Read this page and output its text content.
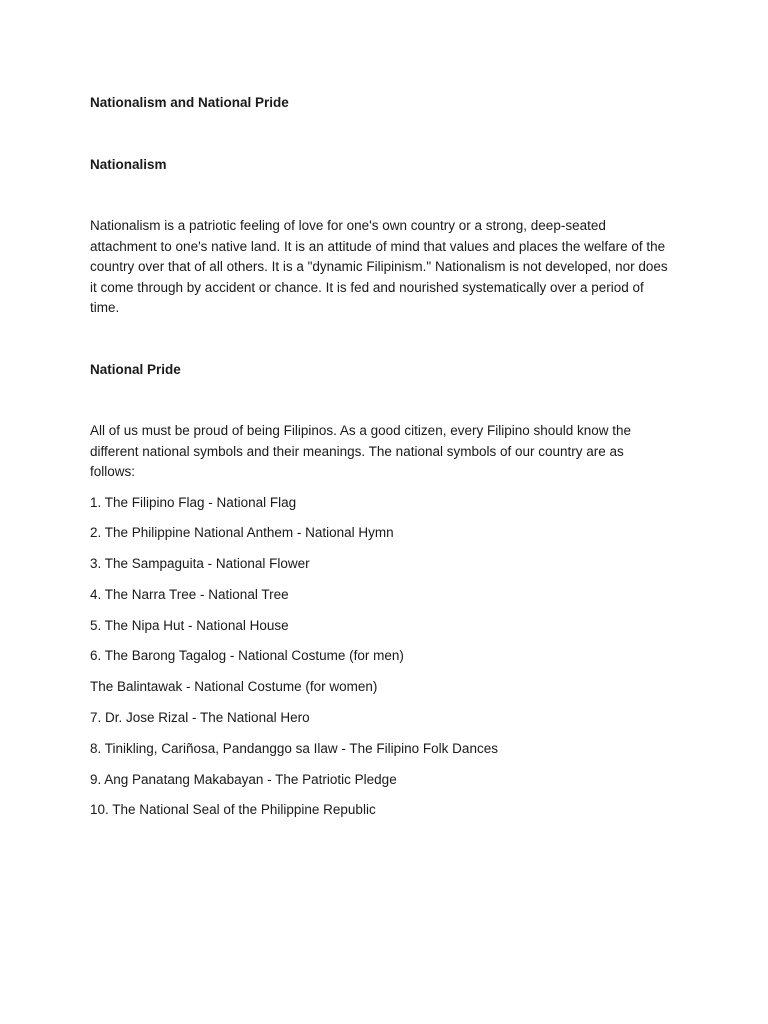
Nationalism and National Pride

Nationalism

Nationalism is a patriotic feeling of love for one's own country or a strong, deep-seated attachment to one's native land. It is an attitude of mind that values and places the welfare of the country over that of all others. It is a "dynamic Filipinism." Nationalism is not developed, nor does it come through by accident or chance. It is fed and nourished systematically over a period of time.

National Pride

All of us must be proud of being Filipinos. As a good citizen, every Filipino should know the different national symbols and their meanings. The national symbols of our country are as follows:

1. The Filipino Flag - National Flag
2. The Philippine National Anthem - National Hymn
3. The Sampaguita - National Flower
4. The Narra Tree - National Tree
5. The Nipa Hut - National House
6. The Barong Tagalog - National Costume (for men)
The Balintawak - National Costume (for women)
7. Dr. Jose Rizal - The National Hero
8. Tinikling, Cariñosa, Pandanggo sa Ilaw - The Filipino Folk Dances
9. Ang Panatang Makabayan - The Patriotic Pledge
10. The National Seal of the Philippine Republic
